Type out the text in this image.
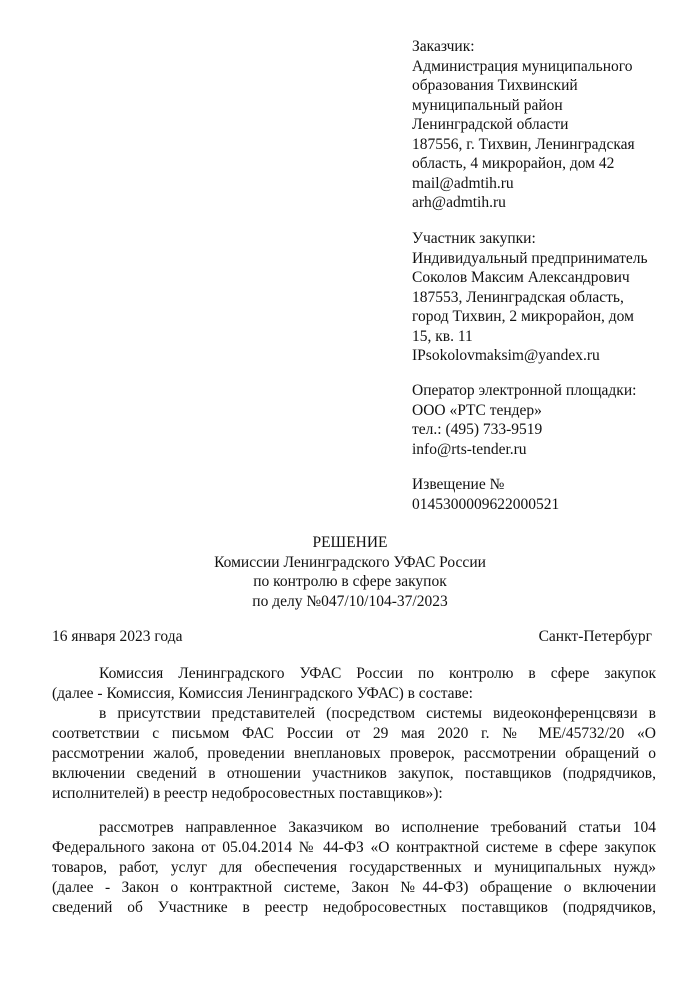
Заказчик:
Администрация муниципального
образования Тихвинский
муниципальный район
Ленинградской области
187556, г. Тихвин, Ленинградская
область, 4 микрорайон, дом 42
mail@admtih.ru
arh@admtih.ru
Участник закупки:
Индивидуальный предприниматель
Соколов Максим Александрович
187553, Ленинградская область,
город Тихвин, 2 микрорайон, дом
15, кв. 11
IPsokolovmaksim@yandex.ru
Оператор электронной площадки:
ООО «РТС тендер»
тел.: (495) 733-9519
info@rts-tender.ru
Извещение №
0145300009622000521
РЕШЕНИЕ
Комиссии Ленинградского УФАС России
по контролю в сфере закупок
по делу №047/10/104-37/2023
16 января 2023 года	Санкт-Петербург
Комиссия Ленинградского УФАС России по контролю в сфере закупок
(далее - Комиссия, Комиссия Ленинградского УФАС) в составе:
в присутствии представителей (посредством системы видеоконференцсвязи в
соответствии с письмом ФАС России от 29 мая 2020 г. № МЕ/45732/20 «О
рассмотрении жалоб, проведении внеплановых проверок, рассмотрении обращений о
включении сведений в отношении участников закупок, поставщиков (подрядчиков,
исполнителей) в реестр недобросовестных поставщиков»):
рассмотрев направленное Заказчиком во исполнение требований статьи 104
Федерального закона от 05.04.2014 № 44-ФЗ «О контрактной системе в сфере закупок
товаров, работ, услуг для обеспечения государственных и муниципальных нужд»
(далее - Закон о контрактной системе, Закон №44-ФЗ) обращение о включении
сведений об Участнике в реестр недобросовестных поставщиков (подрядчиков,
